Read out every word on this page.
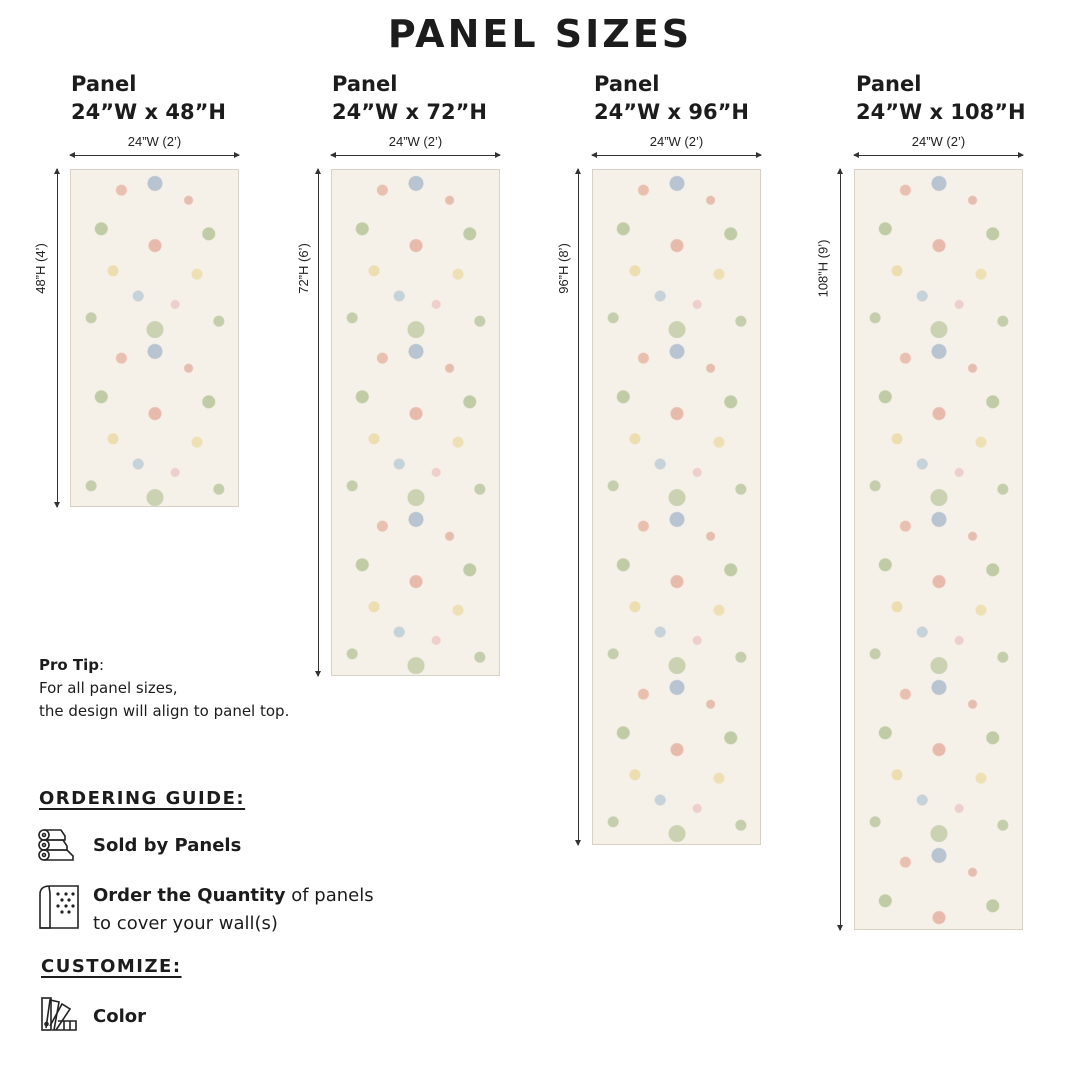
PANEL SIZES
Panel
24”W x 48”H
24”W (2’)
48”H (4’)
Panel
24”W x 72”H
24”W (2’)
72”H (6’)
Panel
24”W x 96”H
24”W (2’)
96”H (8’)
Panel
24”W x 108”H
24”W (2’)
108”H (9’)
Pro Tip:
For all panel sizes,
the design will align to panel top.
ORDERING GUIDE:
Sold by Panels
Order the Quantity of panels
to cover your wall(s)
CUSTOMIZE:
Color
